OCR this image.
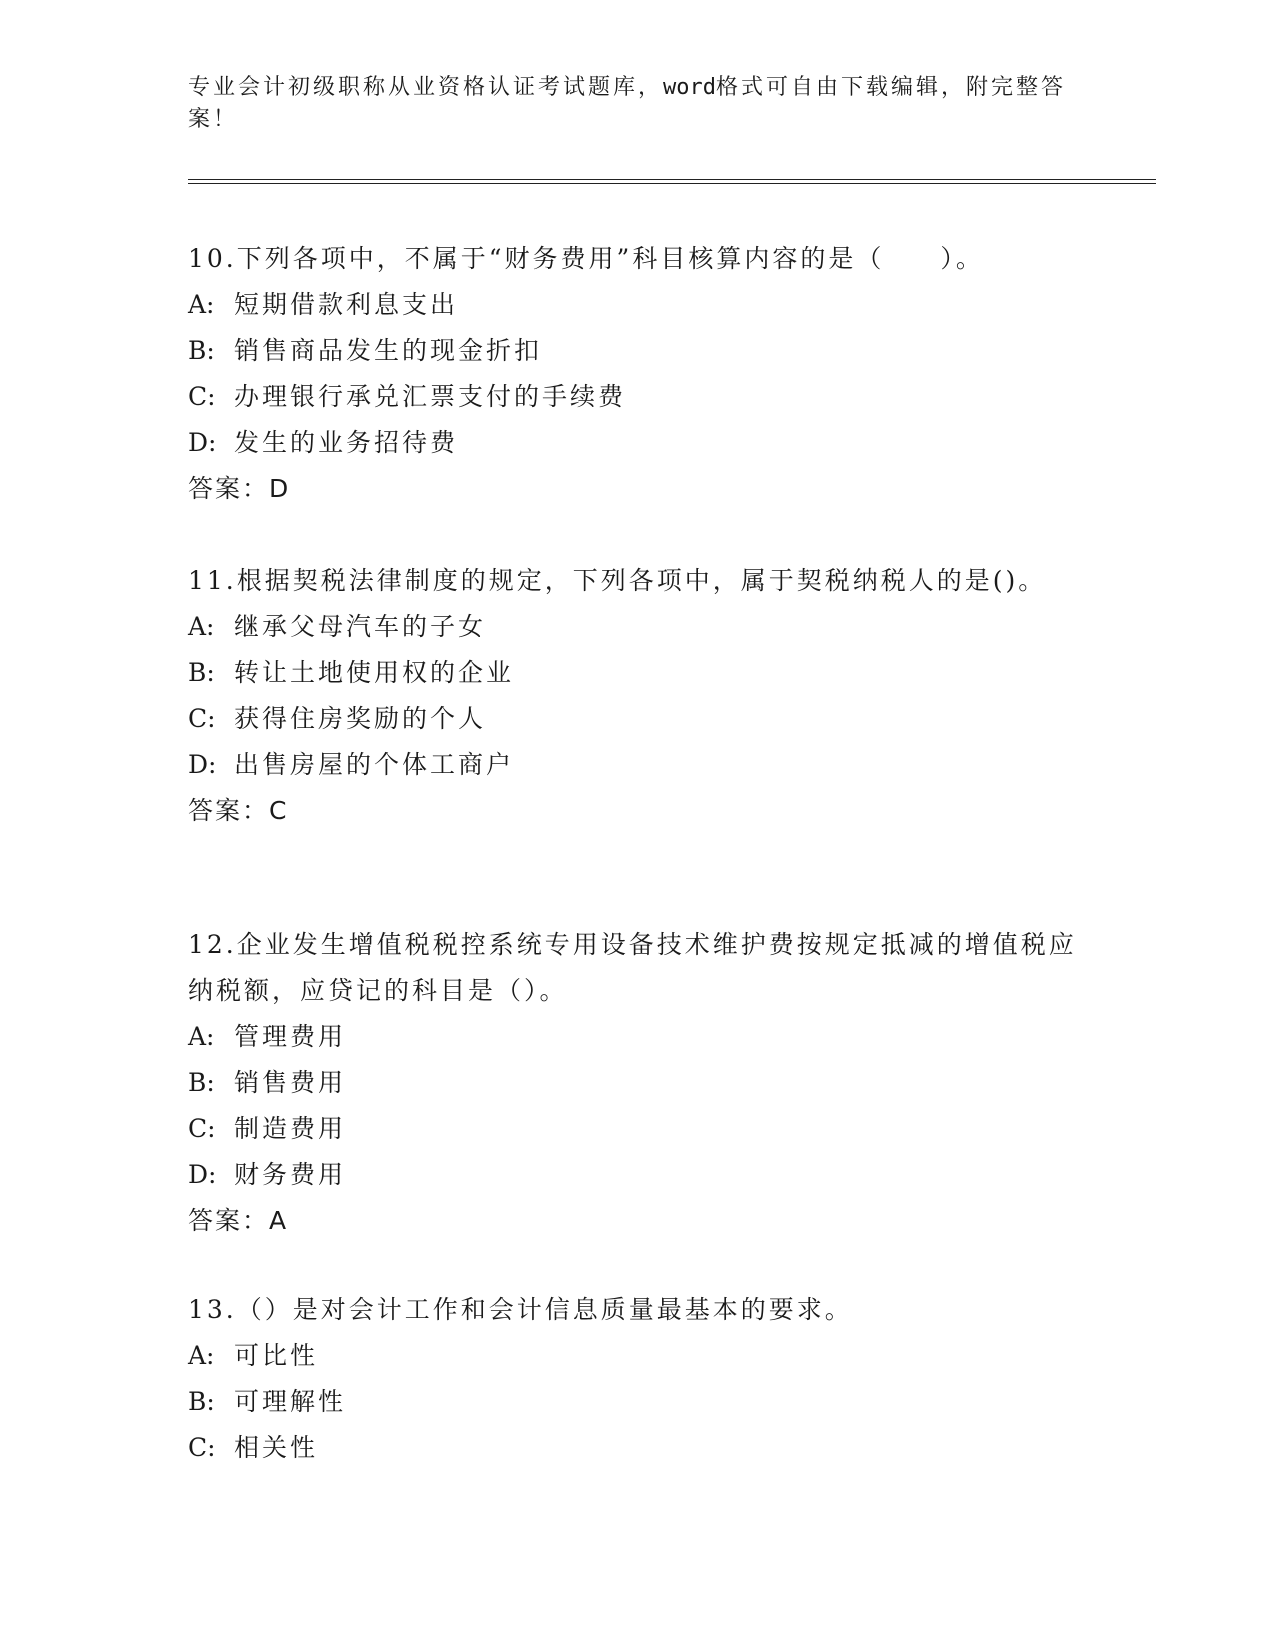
专业会计初级职称从业资格认证考试题库，word格式可自由下载编辑，附完整答案！

10.下列各项中，不属于“财务费用”科目核算内容的是（　　）。

A: 短期借款利息支出

B: 销售商品发生的现金折扣

C: 办理银行承兑汇票支付的手续费

D: 发生的业务招待费

答案：D

11.根据契税法律制度的规定，下列各项中，属于契税纳税人的是()。

A: 继承父母汽车的子女

B: 转让土地使用权的企业

C: 获得住房奖励的个人

D: 出售房屋的个体工商户

答案：C

12.企业发生增值税税控系统专用设备技术维护费按规定抵减的增值税应纳税额，应贷记的科目是（）。

A: 管理费用

B: 销售费用

C: 制造费用

D: 财务费用

答案：A

13.（）是对会计工作和会计信息质量最基本的要求。

A: 可比性

B: 可理解性

C: 相关性
